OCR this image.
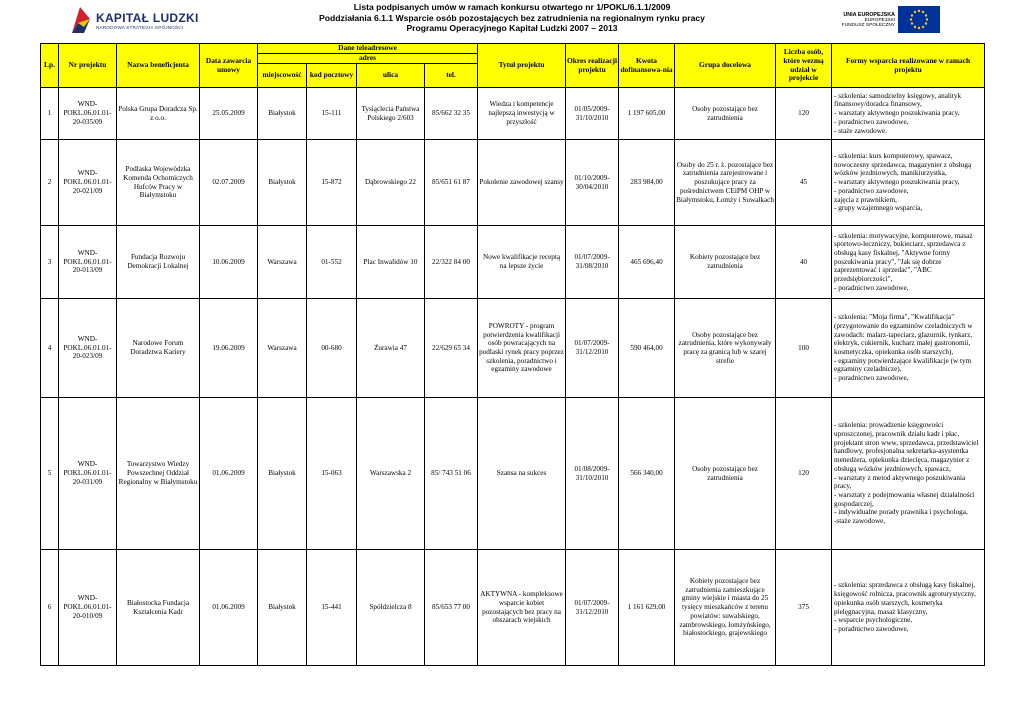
KAPITAŁ LUDZKI
NARODOWA STRATEGIA SPÓJNOŚCI
Lista podpisanych umów w ramach konkursu otwartego nr 1/POKL/6.1.1/2009
Poddziałania 6.1.1 Wsparcie osób pozostających bez zatrudnienia na regionalnym rynku pracy
Programu Operacyjnego Kapitał Ludzki 2007 – 2013
UNIA EUROPEJSKA
EUROPEJSKI
FUNDUSZ SPOŁECZNY
Lp.	Nr projektu	Nazwa beneficjenta	Data zawarcia umowy	Dane teleadresowe				Tytuł projektu	Okres realizacji projektu	Kwota dofinansowa-nia	Grupa docelowa	Liczba osób, które wezmą udział w projekcie	Formy wsparcia realizowane w ramach projektu
				adres									
				miejscowość	kod pocztowy	ulica	tel.						
1	WND-POKL.06.01.01-20-035/09	Polska Grupa Doradcza Sp. z o.o.	25.05.2009	Białystok	15-111	Tysiąclecia Państwa Polskiego 2/603	85/662 32 35	Wiedza i kompetencje najlepszą inwestycją w przyszłość	01/05/2009-31/10/2010	1 197 605,00	Osoby pozostające bez zatrudnienia	120	- szkolenia: samodzielny księgowy, analityk finansowy/doradca finansowy,
- warsztaty aktywnego poszukiwania pracy,
- poradnictwo zawodowe,
- staże zawodowe.

2	WND-POKL.06.01.01-20-021/09	Podlaska Wojewódzka Komenda Ochotniczych Hufców Pracy w Białymstoku	02.07.2009	Białystok	15-872	Dąbrowskiego 22	85/651 61 87	Pokolenie zawodowej szansy	01/10/2009-30/04/2010	283 984,00	Osoby do 25 r. ż. pozostające bez zatrudnienia zarejestrowane i poszukujące pracy za pośrednictwem CEiPM OHP w Białymstoku, Łomży i Suwałkach	45	- szkolenia: kurs komputerowy, spawacz, nowoczesny sprzedawca, magazynier z obsługą wózków jezdniowych, manikiurzystka,
- warsztaty aktywnego poszukiwania pracy,
- poradnictwo zawodowe,
zajęcia z prawnikiem,
- grupy wzajemnego wsparcia,

3	WND-POKL.06.01.01-20-013/09	Fundacja Rozwoju Demokracji Lokalnej	10.06.2009	Warszawa	01-552	Plac Inwalidów 10	22/322 84 00	Nowe kwalifikacje receptą na lepsze życie	01/07/2009-31/08/2010	465 696,40	Kobiety pozostające bez zatrudnienia	40	- szkolenia: motywacyjne, komputerowe, masaż sportowo-leczniczy, bukieciarz, sprzedawca z obsługą kasy fiskalnej, "Aktywne formy poszukiwania pracy", "Jak się dobrze zaprezentować i sprzedać", "ABC przedsiębiorczości",
- poradnictwo zawodowe,

4	WND-POKL.06.01.01-20-023/09	Narodowe Forum Doradztwa Kariery	19.06.2009	Warszawa	00-680	Żurawia 47	22/629 65 34	POWROTY - program potwierdzenia kwalifikacji osób powracających na podlaski rynek pracy poprzez szkolenia, poradnictwo i egzaminy zawodowe	01/07/2009-31/12/2010	590 464,00	Osoby pozostające bez zatrudnienia, które wykonywały pracę za granicą lub w szarej strefie	100	- szkolenia: "Moja firma", "Kwalifikacja" (przygotowanie do egzaminów czeladniczych w zawodach: malarz-tapeciarz, glazurnik, tynkarz, elektryk, cukiernik, kucharz małej gastronomii, kosmetyczka, opiekunka osób starszych),
- egzaminy potwierdzające kwalifikacje (w tym egzaminy czeladnicze),
- poradnictwo zawodowe,

5	WND-POKL.06.01.01-20-031/09	Towarzystwo Wiedzy Powszechnej Oddział Regionalny w Białymstoku	01.06.2009	Białystok	15-063	Warszawska 2	85/ 743 51 06	Szansa na sukces	01/08/2009-31/10/2010	566 340,00	Osoby pozostające bez zatrudnienia	120	- szkolenia: prowadzenie księgowości uproszczonej, pracownik działu kadr i płac, projektant stron www, sprzedawca, przedstawiciel handlowy, profesjonalna sekretarka-asystentka menedżera, opiekunka dziecięca, magazynier z obsługą wózków jezdniowych, spawacz,
- warsztaty z metod aktywnego poszukiwania pracy,
- warsztaty z podejmowania własnej działalności gospodarczej,
- indywidualne porady prawnika i psychologa,
-staże zawodowe,

6	WND-POKL.06.01.01-20-010/09	Białostocka Fundacja Kształcenia Kadr	01.06.2009	Białystok	15-441	Spółdzielcza 8	85/653 77 00	AKTYWNA - kompleksowe wsparcie kobiet pozostających bez pracy na obszarach wiejskich	01/07/2009-31/12/2010	1 161 629,00	Kobiety pozostające bez zatrudnienia zamieszkujące gminy wiejskie i miasta do 25 tysięcy mieszkańców z terenu powiatów: suwalskiego, zambrowskiego, łomżyńskiego, białostockiego, grajewskiego	375	- szkolenia: sprzedawca z obsługą kasy fiskalnej, księgowość rolnicza, pracownik agroturystyczny, opiekunka osób starszych, kosmetyka pielęgnacyjna, masaż klasyczny,
- wsparcie psychologiczne,
- poradnictwo zawodowe,
